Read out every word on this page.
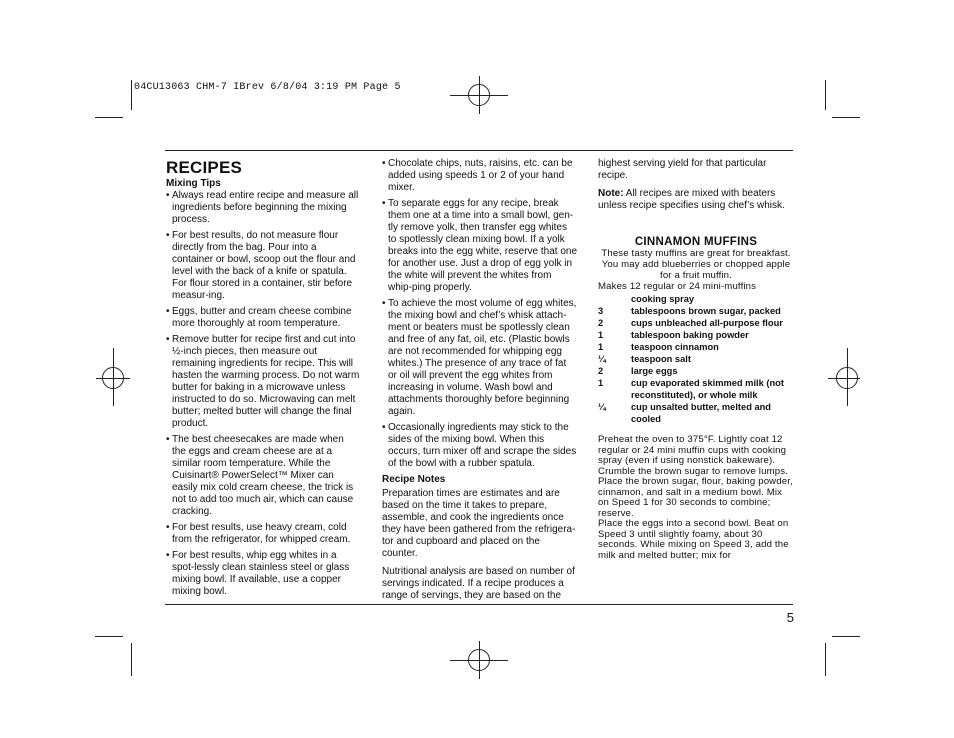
04CU13063 CHM-7 IBrev 6/8/04 3:19 PM Page 5

RECIPES

Mixing Tips

• Always read entire recipe and measure all ingredients before beginning the mixing process.
• For best results, do not measure flour directly from the bag. Pour into a container or bowl, scoop out the flour and level with the back of a knife or spatula. For flour stored in a container, stir before measur-ing.
• Eggs, butter and cream cheese combine more thoroughly at room temperature.
• Remove butter for recipe first and cut into ½-inch pieces, then measure out remaining ingredients for recipe. This will hasten the warming process. Do not warm butter for baking in a microwave unless instructed to do so. Microwaving can melt butter; melted butter will change the final product.
• The best cheesecakes are made when the eggs and cream cheese are at a similar room temperature. While the Cuisinart® PowerSelect™ Mixer can easily mix cold cream cheese, the trick is not to add too much air, which can cause cracking.
• For best results, use heavy cream, cold from the refrigerator, for whipped cream.
• For best results, whip egg whites in a spot-lessly clean stainless steel or glass mixing bowl. If available, use a copper mixing bowl.
• Chocolate chips, nuts, raisins, etc. can be added using speeds 1 or 2 of your hand mixer.
• To separate eggs for any recipe, break them one at a time into a small bowl, gen-tly remove yolk, then transfer egg whites to spotlessly clean mixing bowl. If a yolk breaks into the egg white, reserve that one for another use. Just a drop of egg yolk in the white will prevent the whites from whip-ping properly.
• To achieve the most volume of egg whites, the mixing bowl and chef’s whisk attach-ment or beaters must be spotlessly clean and free of any fat, oil, etc. (Plastic bowls are not recommended for whipping egg whites.) The presence of any trace of fat or oil will prevent the egg whites from increasing in volume. Wash bowl and attachments thoroughly before beginning again.
• Occasionally ingredients may stick to the sides of the mixing bowl. When this occurs, turn mixer off and scrape the sides of the bowl with a rubber spatula.

Recipe Notes

Preparation times are estimates and are based on the time it takes to prepare, assemble, and cook the ingredients once they have been gathered from the refrigera-tor and cupboard and placed on the counter.

Nutritional analysis are based on number of servings indicated. If a recipe produces a range of servings, they are based on the

highest serving yield for that particular recipe.

Note: All recipes are mixed with beaters unless recipe specifies using chef’s whisk.

CINNAMON MUFFINS

These tasty muffins are great for breakfast. You may add blueberries or chopped apple for a fruit muffin.

Makes 12 regular or 24 mini-muffins

cooking spray
3	tablespoons brown sugar, packed
2	cups unbleached all-purpose flour
1	tablespoon baking powder
1	teaspoon cinnamon
¼	teaspoon salt
2	large eggs
1	cup evaporated skimmed milk (not reconstituted), or whole milk
¼	cup unsalted butter, melted and cooled

Preheat the oven to 375°F. Lightly coat 12 regular or 24 mini muffin cups with cooking spray (even if using nonstick bakeware).

Crumble the brown sugar to remove lumps. Place the brown sugar, flour, baking powder, cinnamon, and salt in a medium bowl. Mix on Speed 1 for 30 seconds to combine; reserve.

Place the eggs into a second bowl. Beat on Speed 3 until slightly foamy, about 30 seconds. While mixing on Speed 3, add the milk and melted butter; mix for

5
